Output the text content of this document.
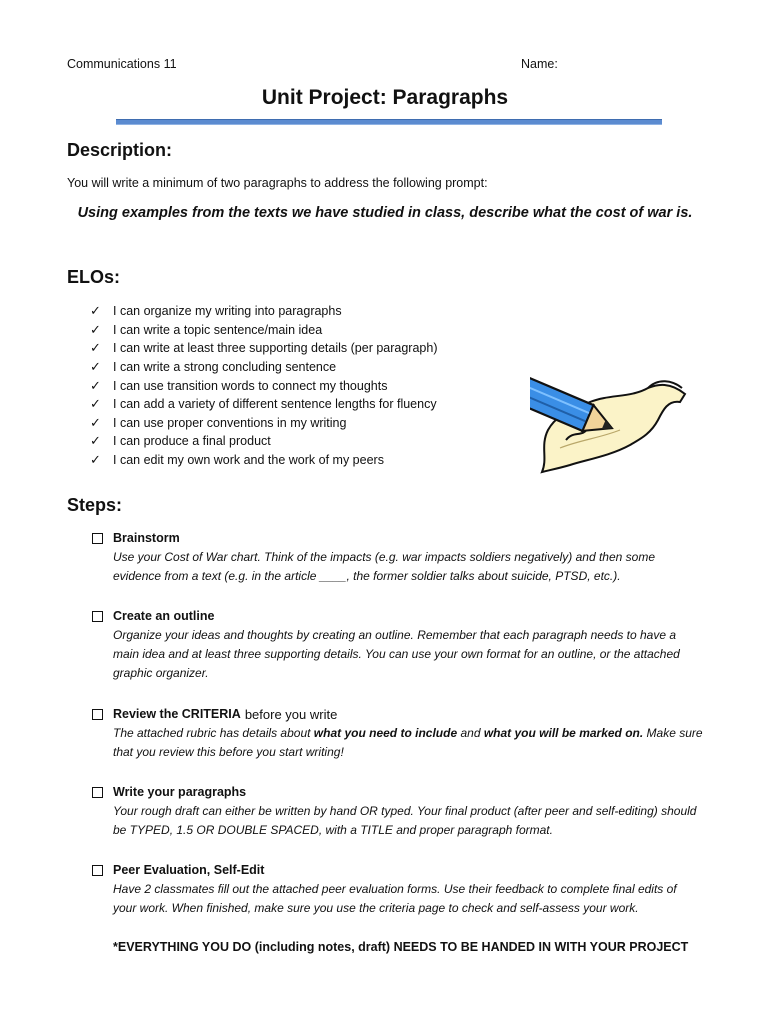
Communications 11	Name:
Unit Project: Paragraphs
Description:
You will write a minimum of two paragraphs to address the following prompt:
Using examples from the texts we have studied in class, describe what the cost of war is.
ELOs:
✓ I can organize my writing into paragraphs
✓ I can write a topic sentence/main idea
✓ I can write at least three supporting details (per paragraph)
✓ I can write a strong concluding sentence
✓ I can use transition words to connect my thoughts
✓ I can add a variety of different sentence lengths for fluency
✓ I can use proper conventions in my writing
✓ I can produce a final product
✓ I can edit my own work and the work of my peers
Steps:
Brainstorm
Use your Cost of War chart. Think of the impacts (e.g. war impacts soldiers negatively) and then some evidence from a text (e.g. in the article ____, the former soldier talks about suicide, PTSD, etc.).
Create an outline
Organize your ideas and thoughts by creating an outline. Remember that each paragraph needs to have a main idea and at least three supporting details. You can use your own format for an outline, or the attached graphic organizer.
Review the CRITERIA before you write
The attached rubric has details about what you need to include and what you will be marked on. Make sure that you review this before you start writing!
Write your paragraphs
Your rough draft can either be written by hand OR typed. Your final product (after peer and self-editing) should be TYPED, 1.5 OR DOUBLE SPACED, with a TITLE and proper paragraph format.
Peer Evaluation, Self-Edit
Have 2 classmates fill out the attached peer evaluation forms. Use their feedback to complete final edits of your work. When finished, make sure you use the criteria page to check and self-assess your work.
*EVERYTHING YOU DO (including notes, draft) NEEDS TO BE HANDED IN WITH YOUR PROJECT
